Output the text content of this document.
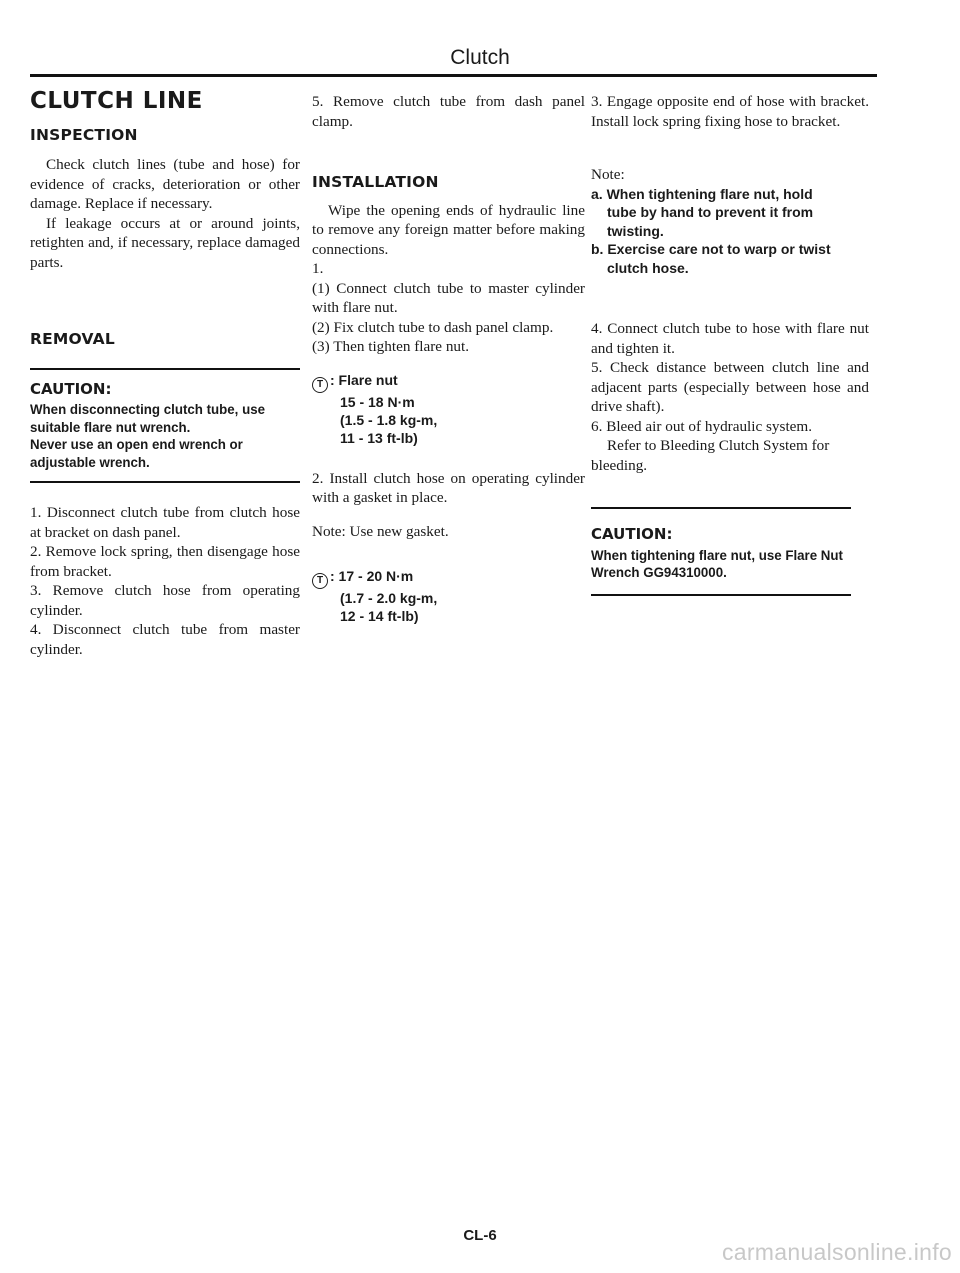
Clutch
CLUTCH LINE
INSPECTION

Check clutch lines (tube and hose) for evidence of cracks, deterioration or other damage. Replace if necessary.

If leakage occurs at or around joints, retighten and, if necessary, replace damaged parts.

REMOVAL
CAUTION:
When disconnecting clutch tube, use suitable flare nut wrench.
Never use an open end wrench or adjustable wrench.

1. Disconnect clutch tube from clutch hose at bracket on dash panel.

2. Remove lock spring, then disengage hose from bracket.

3. Remove clutch hose from operating cylinder.

4. Disconnect clutch tube from master cylinder.

5. Remove clutch tube from dash panel clamp.

INSTALLATION

Wipe the opening ends of hydraulic line to remove any foreign matter before making connections.

1.

(1) Connect clutch tube to master cylinder with flare nut.

(2) Fix clutch tube to dash panel clamp.

(3) Then tighten flare nut.

T : Flare nut
15 - 18 N·m
(1.5 - 1.8 kg-m,
11 - 13 ft-lb)

2. Install clutch hose on operating cylinder with a gasket in place.

Note: Use new gasket.

T : 17 - 20 N·m
(1.7 - 2.0 kg-m,
12 - 14 ft-lb)

3. Engage opposite end of hose with bracket. Install lock spring fixing hose to bracket.

Note:

a. When tightening flare nut, hold
tube by hand to prevent it from twisting.
b. Exercise care not to warp or twist
clutch hose.

4. Connect clutch tube to hose with flare nut and tighten it.

5. Check distance between clutch line and adjacent parts (especially between hose and drive shaft).

6. Bleed air out of hydraulic system.

Refer to Bleeding Clutch System for bleeding.

CAUTION:
When tightening flare nut, use Flare Nut Wrench GG94310000.
CL-6
carmanualsonline.info
